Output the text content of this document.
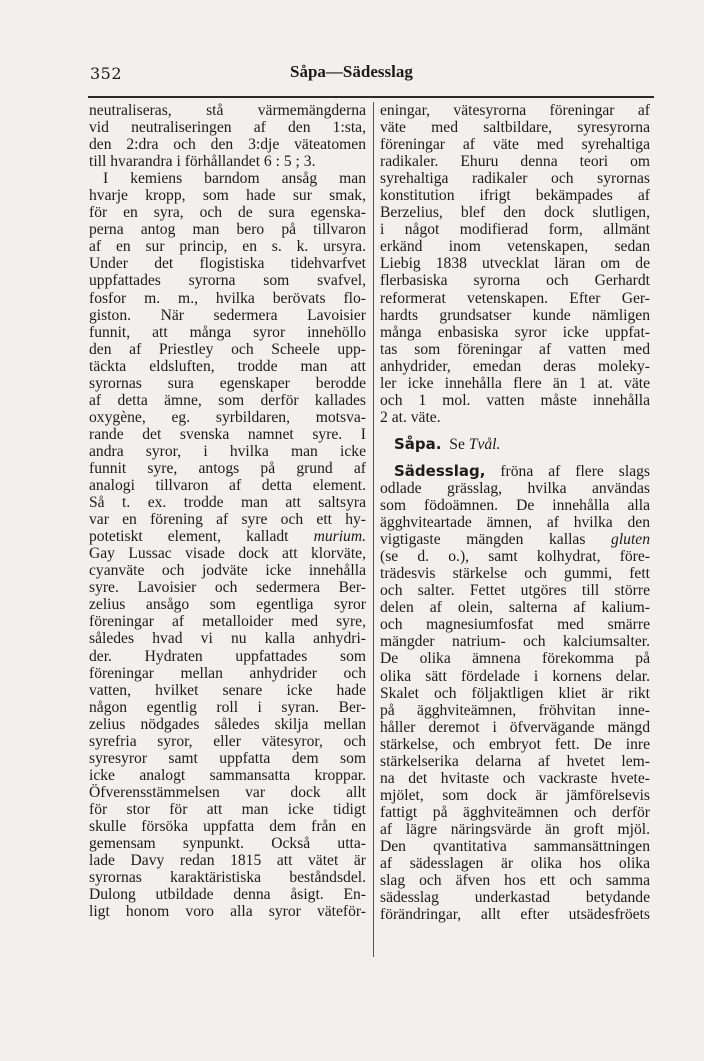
352	Såpa—Sädesslag
neutraliseras, stå värmemängderna
vid neutraliseringen af den 1:sta,
den 2:dra och den 3:dje väteatomen
till hvarandra i förhållandet 6 : 5 ; 3.
I kemiens barndom ansåg man
hvarje kropp, som hade sur smak,
för en syra, och de sura egenska-
perna antog man bero på tillvaron
af en sur princip, en s. k. ursyra.
Under det flogistiska tidehvarfvet
uppfattades syrorna som svafvel,
fosfor m. m., hvilka berövats flo-
giston. När sedermera Lavoisier
funnit, att många syror innehöllo
den af Priestley och Scheele upp-
täckta eldsluften, trodde man att
syrornas sura egenskaper berodde
af detta ämne, som derför kallades
oxygène, eg. syrbildaren, motsva-
rande det svenska namnet syre. I
andra syror, i hvilka man icke
funnit syre, antogs på grund af
analogi tillvaron af detta element.
Så t. ex. trodde man att saltsyra
var en förening af syre och ett hy-
potetiskt element, kalladt murium.
Gay Lussac visade dock att klorväte,
cyanväte och jodväte icke innehålla
syre. Lavoisier och sedermera Ber-
zelius ansågo som egentliga syror
föreningar af metalloider med syre,
således hvad vi nu kalla anhydri-
der. Hydraten uppfattades som
föreningar mellan anhydrider och
vatten, hvilket senare icke hade
någon egentlig roll i syran. Ber-
zelius nödgades således skilja mellan
syrefria syror, eller vätesyror, och
syresyror samt uppfatta dem som
icke analogt sammansatta kroppar.
Öfverensstämmelsen var dock allt
för stor för att man icke tidigt
skulle försöka uppfatta dem från en
gemensam synpunkt. Också utta-
lade Davy redan 1815 att vätet är
syrornas karaktäristiska beståndsdel.
Dulong utbildade denna åsigt. En-
ligt honom voro alla syror väteför-
eningar, vätesyrorna föreningar af
väte med saltbildare, syresyrorna
föreningar af väte med syrehaltiga
radikaler. Ehuru denna teori om
syrehaltiga radikaler och syrornas
konstitution ifrigt bekämpades af
Berzelius, blef den dock slutligen,
i något modifierad form, allmänt
erkänd inom vetenskapen, sedan
Liebig 1838 utvecklat läran om de
flerbasiska syrorna och Gerhardt
reformerat vetenskapen. Efter Ger-
hardts grundsatser kunde nämligen
många enbasiska syror icke uppfat-
tas som föreningar af vatten med
anhydrider, emedan deras moleky-
ler icke innehålla flere än 1 at. väte
och 1 mol. vatten måste innehålla
2 at. väte.
Såpa. Se Tvål.
Sädesslag, fröna af flere slags
odlade grässlag, hvilka användas
som födoämnen. De innehålla alla
ägghviteartade ämnen, af hvilka den
vigtigaste mängden kallas gluten
(se d. o.), samt kolhydrat, före-
trädesvis stärkelse och gummi, fett
och salter. Fettet utgöres till större
delen af olein, salterna af kalium-
och magnesiumfosfat med smärre
mängder natrium- och kalciumsalter.
De olika ämnena förekomma på
olika sätt fördelade i kornens delar.
Skalet och följaktligen kliet är rikt
på ägghviteämnen, fröhvitan inne-
håller deremot i öfvervägande mängd
stärkelse, och embryot fett. De inre
stärkelserika delarna af hvetet lem-
na det hvitaste och vackraste hvete-
mjölet, som dock är jämförelsevis
fattigt på ägghviteämnen och derför
af lägre näringsvärde än groft mjöl.
Den qvantitativa sammansättningen
af sädesslagen är olika hos olika
slag och äfven hos ett och samma
sädesslag underkastad betydande
förändringar, allt efter utsädesfröets
